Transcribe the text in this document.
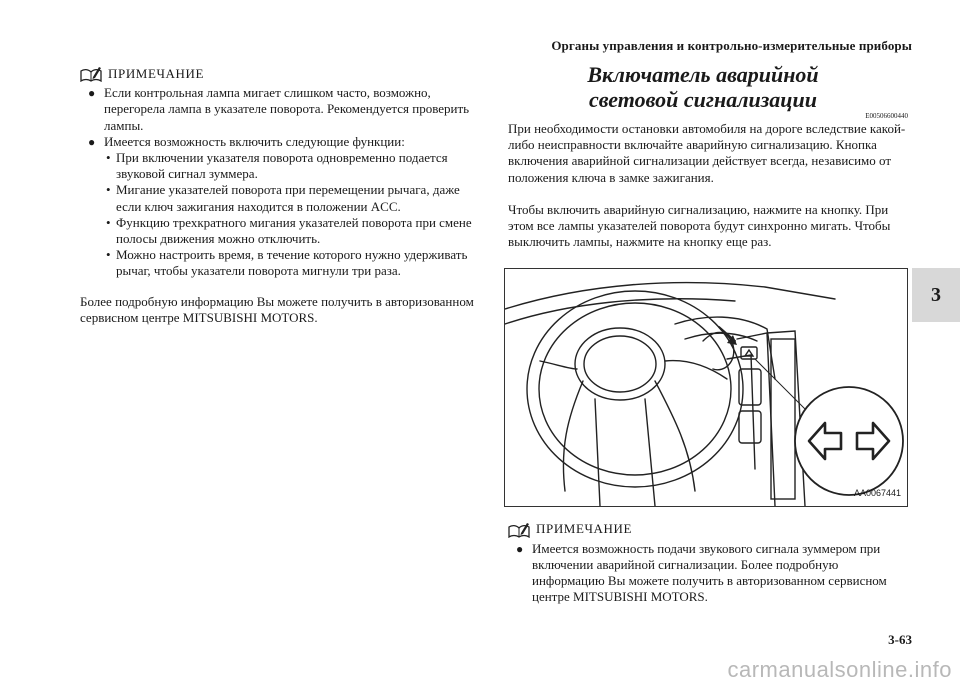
Органы управления и контрольно-измерительные приборы
3
ПРИМЕЧАНИЕ
● Если контрольная лампа мигает слишком часто, возможно, перегорела лампа в указателе поворота. Рекомендуется проверить лампы.
● Имеется возможность включить следующие функции:
• При включении указателя поворота одновременно подается звуковой сигнал зуммера.
• Мигание указателей поворота при перемещении рычага, даже если ключ зажигания находится в положении ACC.
• Функцию трехкратного мигания указателей поворота при смене полосы движения можно отключить.
• Можно настроить время, в течение которого нужно удерживать рычаг, чтобы указатели поворота мигнули три раза.
Более подробную информацию Вы можете получить в авторизованном сервисном центре MITSUBISHI MOTORS.
Включатель аварийной
световой сигнализации
E00506600440
При необходимости остановки автомобиля на дороге вследствие какой-либо неисправности включайте аварийную сигнализацию. Кнопка включения аварийной сигнализации действует всегда, независимо от положения ключа в замке зажигания.
Чтобы включить аварийную сигнализацию, нажмите на кнопку. При этом все лампы указателей поворота будут синхронно мигать. Чтобы выключить лампы, нажмите на кнопку еще раз.
AA0067441
ПРИМЕЧАНИЕ
● Имеется возможность подачи звукового сигнала зуммером при включении аварийной сигнализации. Более подробную информацию Вы можете получить в авторизованном сервисном центре MITSUBISHI MOTORS.
3-63
carmanualsonline.info
